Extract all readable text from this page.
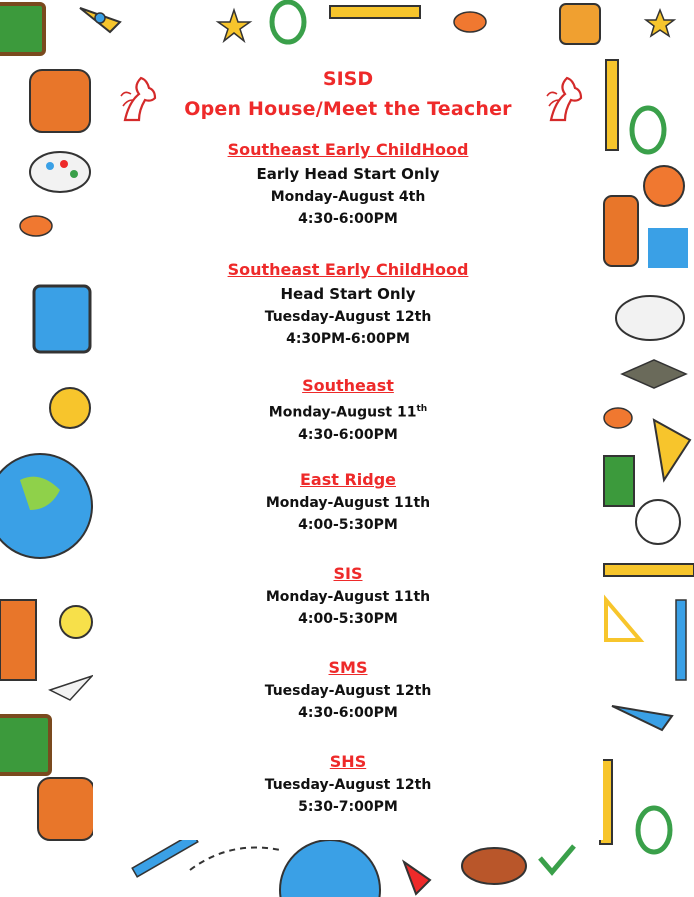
SISD
Open House/Meet the Teacher
Southeast Early ChildHood
Early Head Start Only
Monday-August 4th
4:30-6:00PM
Southeast Early ChildHood
Head Start Only
Tuesday-August 12th
4:30PM-6:00PM
Southeast
Monday-August 11th
4:30-6:00PM
East Ridge
Monday-August 11th
4:00-5:30PM
SIS
Monday-August 11th
4:00-5:30PM
SMS
Tuesday-August 12th
4:30-6:00PM
SHS
Tuesday-August 12th
5:30-7:00PM
